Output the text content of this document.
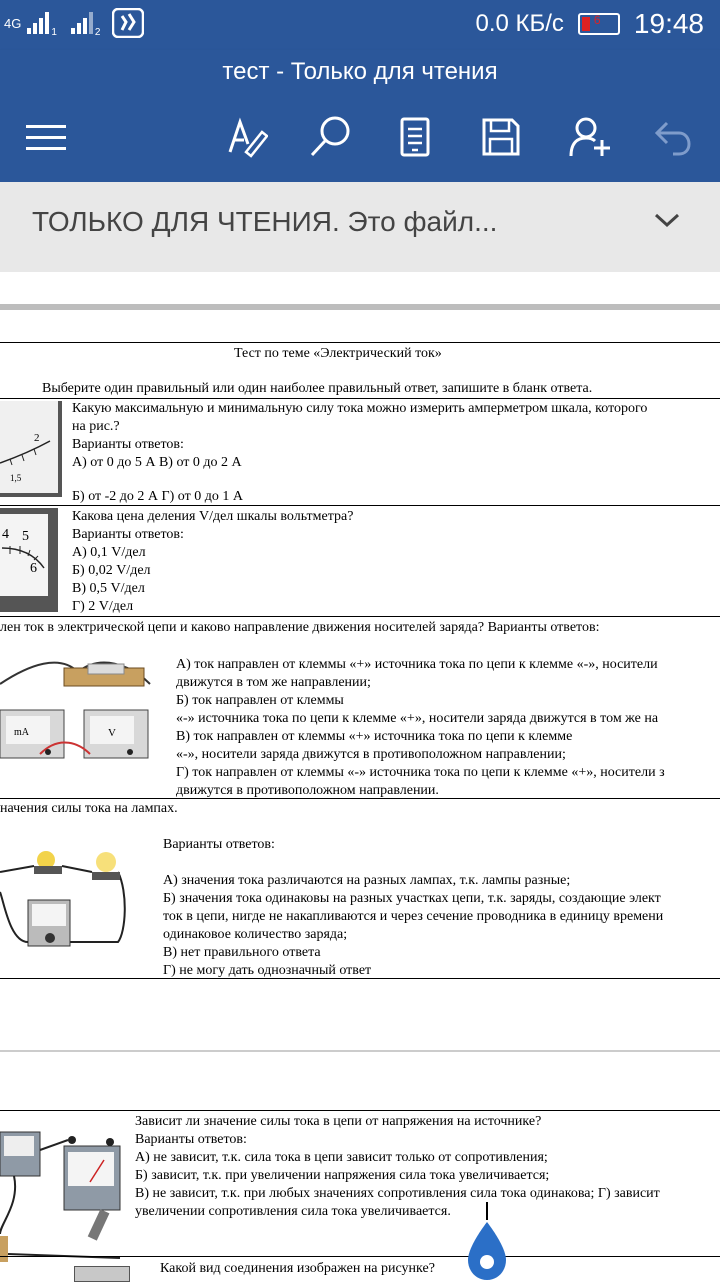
4G
1	2	0.0 КБ/с	6 19:48
тест - Только для чтения
ТОЛЬКО ДЛЯ ЧТЕНИЯ. Это файл...
Тест по теме «Электрический ток»
Выберите один правильный или один наиболее правильный ответ, запишите в бланк ответа.
2
1,5
Какую максимальную и минимальную силу тока можно измерить амперметром шкала, которого
на рис.?
Варианты ответов:
А) от 0 до 5 А В) от 0 до 2 А
Б) от -2 до 2 А Г) от 0 до 1 А
4 5
6
Какова цена деления V/дел шкалы вольтметра?
Варианты ответов:
А) 0,1 V/дел
Б) 0,02 V/дел
В) 0,5 V/дел
Г) 2 V/дел
лен ток в электрической цепи и каково направление движения носителей заряда? Варианты ответов:
mA	V
А) ток направлен от клеммы «+» источника тока по цепи к клемме «-», носители
движутся в том же направлении;
Б) ток направлен от клеммы
«-» источника тока по цепи к клемме «+», носители заряда движутся в том же на
В) ток направлен от клеммы «+» источника тока по цепи к клемме
«-», носители заряда движутся в противоположном направлении;
Г) ток направлен от клеммы «-» источника тока по цепи к клемме «+», носители з
движутся в противоположном направлении.
начения силы тока на лампах.
Варианты ответов:
А) значения тока различаются на разных лампах, т.к. лампы разные;
Б) значения тока одинаковы на разных участках цепи, т.к. заряды, создающие элект
ток в цепи, нигде не накапливаются и через сечение проводника в единицу времени
одинаковое количество заряда;
В) нет правильного ответа
Г) не могу дать однозначный ответ
Зависит ли значение силы тока в цепи от напряжения на источнике?
Варианты ответов:
А) не зависит, т.к. сила тока в цепи зависит только от сопротивления;
Б) зависит, т.к. при увеличении напряжения сила тока увеличивается;
В) не зависит, т.к. при любых значениях сопротивления сила тока одинакова; Г) зависит
увеличении сопротивления сила тока увеличивается.
Какой вид соединения изображен на рисунке?
